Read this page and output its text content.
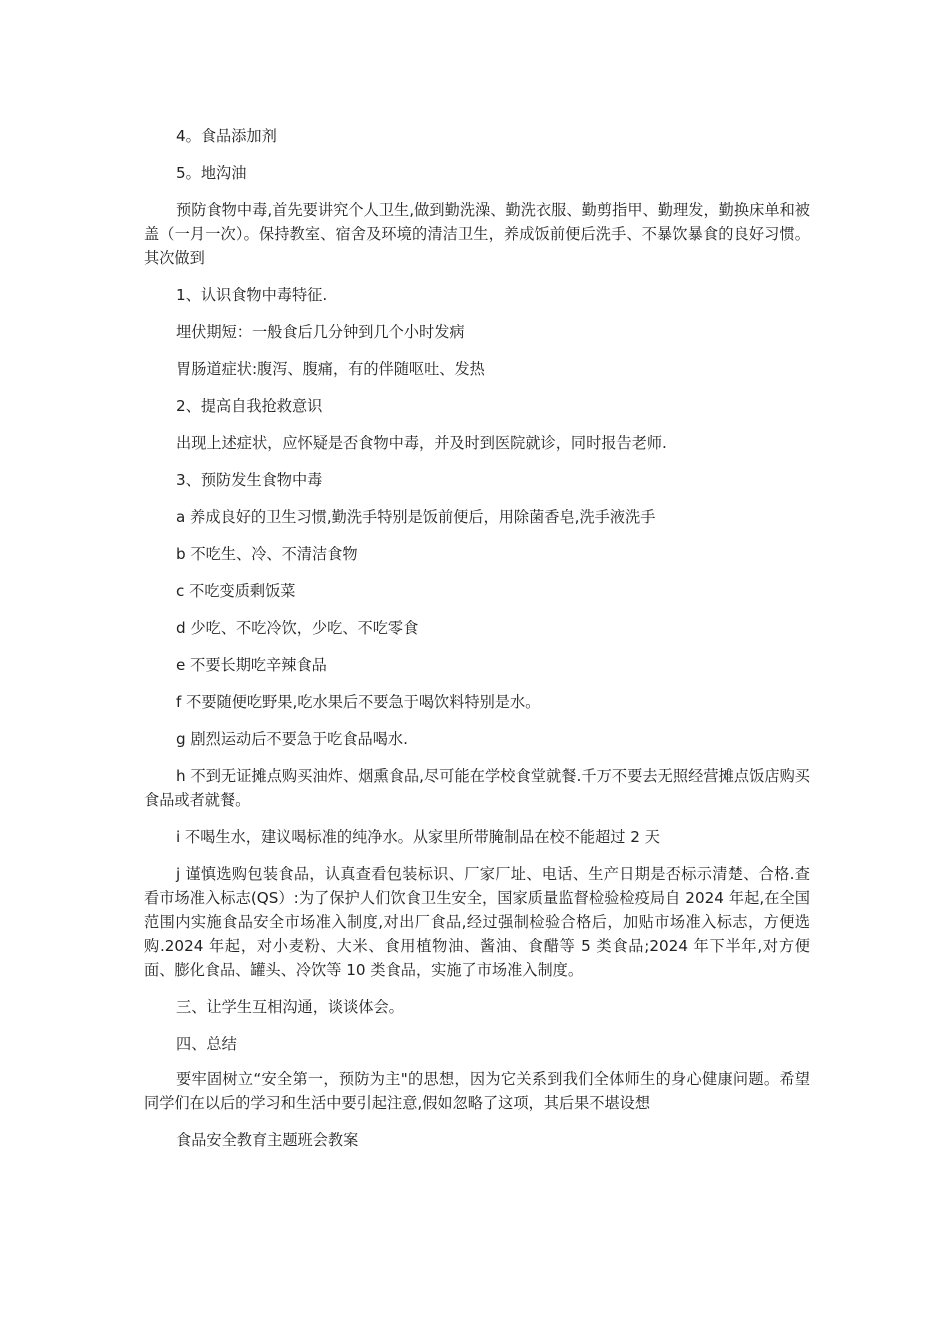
4。食品添加剂

5。地沟油

预防食物中毒,首先要讲究个人卫生,做到勤洗澡、勤洗衣服、勤剪指甲、勤理发，勤换床单和被盖（一月一次）。保持教室、宿舍及环境的清洁卫生，养成饭前便后洗手、不暴饮暴食的良好习惯。其次做到

1、认识食物中毒特征.

埋伏期短：一般食后几分钟到几个小时发病

胃肠道症状:腹泻、腹痛，有的伴随呕吐、发热

2、提高自我抢救意识

出现上述症状，应怀疑是否食物中毒，并及时到医院就诊，同时报告老师.

3、预防发生食物中毒

a 养成良好的卫生习惯,勤洗手特别是饭前便后，用除菌香皂,洗手液洗手

b 不吃生、冷、不清洁食物

c 不吃变质剩饭菜

d 少吃、不吃冷饮，少吃、不吃零食

e 不要长期吃辛辣食品

f 不要随便吃野果,吃水果后不要急于喝饮料特别是水。

g 剧烈运动后不要急于吃食品喝水.

h 不到无证摊点购买油炸、烟熏食品,尽可能在学校食堂就餐.千万不要去无照经营摊点饭店购买食品或者就餐。

i 不喝生水，建议喝标准的纯净水。从家里所带腌制品在校不能超过 2 天

j 谨慎选购包装食品，认真查看包装标识、厂家厂址、电话、生产日期是否标示清楚、合格.查看市场准入标志(QS）:为了保护人们饮食卫生安全，国家质量监督检验检疫局自 2024 年起,在全国范围内实施食品安全市场准入制度,对出厂食品,经过强制检验合格后，加贴市场准入标志，方便选购.2024 年起，对小麦粉、大米、食用植物油、酱油、食醋等 5 类食品;2024 年下半年,对方便面、膨化食品、罐头、冷饮等 10 类食品，实施了市场准入制度。

三、让学生互相沟通，谈谈体会。

四、总结

要牢固树立“安全第一，预防为主"的思想，因为它关系到我们全体师生的身心健康问题。希望同学们在以后的学习和生活中要引起注意,假如忽略了这项，其后果不堪设想

食品安全教育主题班会教案
